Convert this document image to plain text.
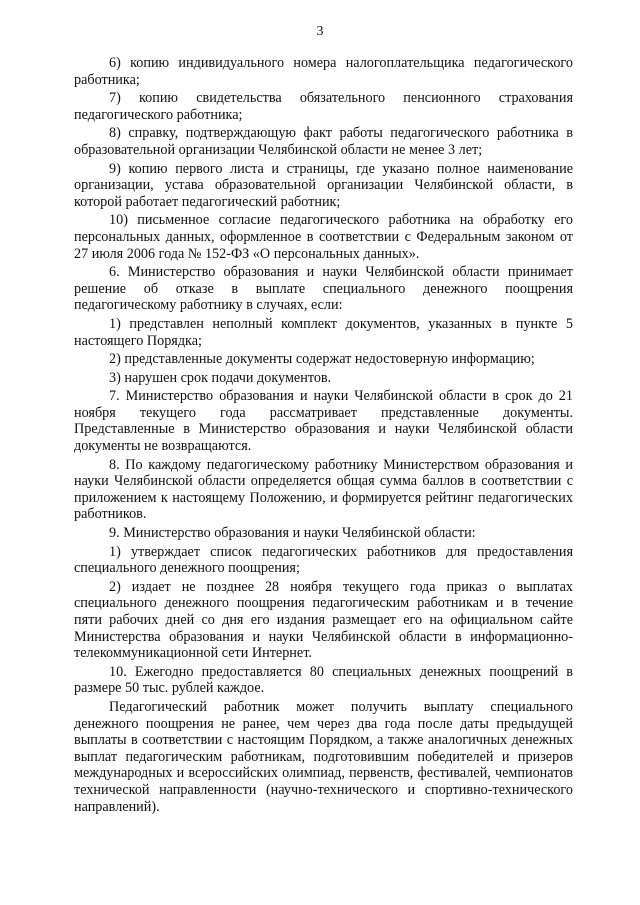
3

6) копию индивидуального номера налогоплательщика педагогического работника;

7) копию свидетельства обязательного пенсионного страхования педагогического работника;

8) справку, подтверждающую факт работы педагогического работника в образовательной организации Челябинской области не менее 3 лет;

9) копию первого листа и страницы, где указано полное наименование организации, устава образовательной организации Челябинской области, в которой работает педагогический работник;

10) письменное согласие педагогического работника на обработку его персональных данных, оформленное в соответствии с Федеральным законом от 27 июля 2006 года № 152-ФЗ «О персональных данных».

6. Министерство образования и науки Челябинской области принимает решение об отказе в выплате специального денежного поощрения педагогическому работнику в случаях, если:

1) представлен неполный комплект документов, указанных в пункте 5 настоящего Порядка;

2) представленные документы содержат недостоверную информацию;

3) нарушен срок подачи документов.

7. Министерство образования и науки Челябинской области в срок до 21 ноября текущего года рассматривает представленные документы. Представленные в Министерство образования и науки Челябинской области документы не возвращаются.

8. По каждому педагогическому работнику Министерством образования и науки Челябинской области определяется общая сумма баллов в соответствии с приложением к настоящему Положению, и формируется рейтинг педагогических работников.

9. Министерство образования и науки Челябинской области:

1) утверждает список педагогических работников для предоставления специального денежного поощрения;

2) издает не позднее 28 ноября текущего года приказ о выплатах специального денежного поощрения педагогическим работникам и в течение пяти рабочих дней со дня его издания размещает его на официальном сайте Министерства образования и науки Челябинской области в информационно-телекоммуникационной сети Интернет.

10. Ежегодно предоставляется 80 специальных денежных поощрений в размере 50 тыс. рублей каждое.

Педагогический работник может получить выплату специального денежного поощрения не ранее, чем через два года после даты предыдущей выплаты в соответствии с настоящим Порядком, а также аналогичных денежных выплат педагогическим работникам, подготовившим победителей и призеров международных и всероссийских олимпиад, первенств, фестивалей, чемпионатов технической направленности (научно-технического и спортивно-технического направлений).
